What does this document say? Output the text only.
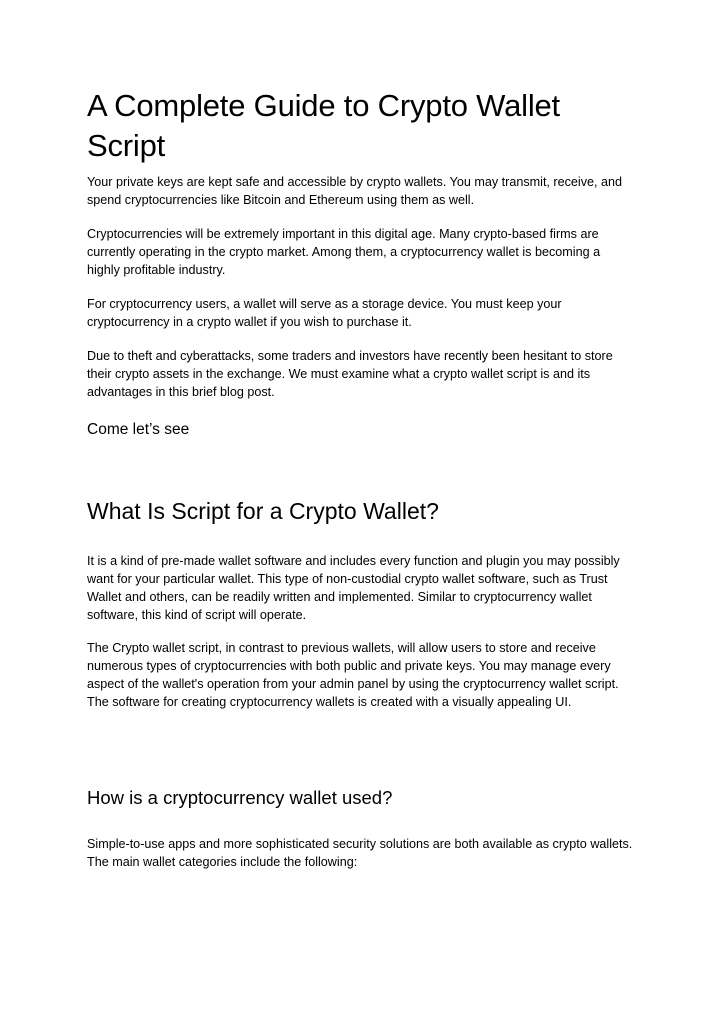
A Complete Guide to Crypto Wallet Script

Your private keys are kept safe and accessible by crypto wallets. You may transmit, receive, and spend cryptocurrencies like Bitcoin and Ethereum using them as well.

Cryptocurrencies will be extremely important in this digital age. Many crypto-based firms are currently operating in the crypto market. Among them, a cryptocurrency wallet is becoming a highly profitable industry.

For cryptocurrency users, a wallet will serve as a storage device. You must keep your cryptocurrency in a crypto wallet if you wish to purchase it.

Due to theft and cyberattacks, some traders and investors have recently been hesitant to store their crypto assets in the exchange. We must examine what a crypto wallet script is and its advantages in this brief blog post.

Come let’s see

What Is Script for a Crypto Wallet?

It is a kind of pre-made wallet software and includes every function and plugin you may possibly want for your particular wallet. This type of non-custodial crypto wallet software, such as Trust Wallet and others, can be readily written and implemented. Similar to cryptocurrency wallet software, this kind of script will operate.

The Crypto wallet script, in contrast to previous wallets, will allow users to store and receive numerous types of cryptocurrencies with both public and private keys. You may manage every aspect of the wallet's operation from your admin panel by using the cryptocurrency wallet script. The software for creating cryptocurrency wallets is created with a visually appealing UI.

How is a cryptocurrency wallet used?

Simple-to-use apps and more sophisticated security solutions are both available as crypto wallets. The main wallet categories include the following:
